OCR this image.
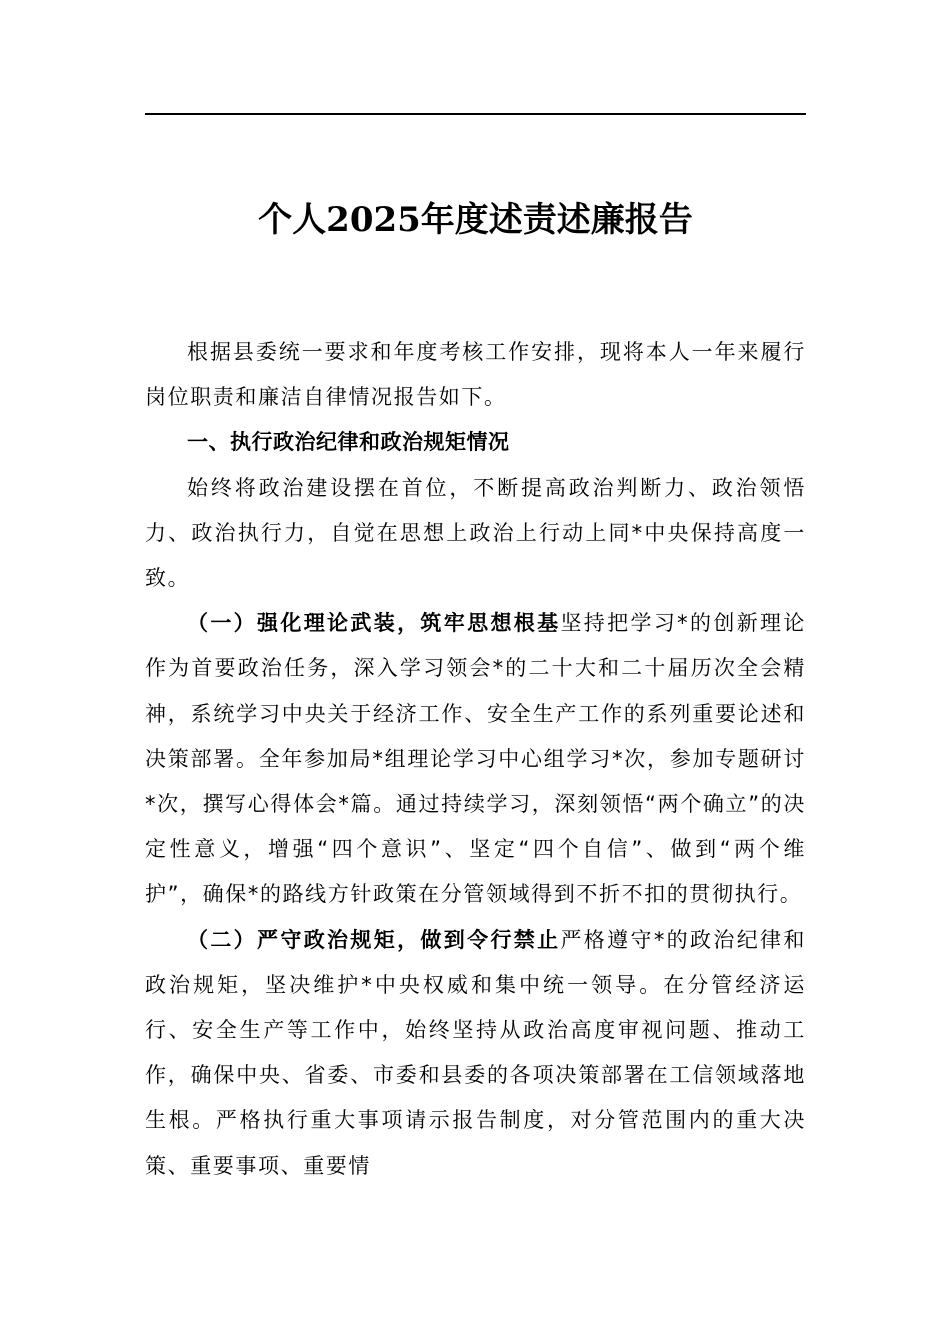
个人2025年度述责述廉报告

根据县委统一要求和年度考核工作安排，现将本人一年来履行岗位职责和廉洁自律情况报告如下。

一、执行政治纪律和政治规矩情况

始终将政治建设摆在首位，不断提高政治判断力、政治领悟力、政治执行力，自觉在思想上政治上行动上同*中央保持高度一致。

（一）强化理论武装，筑牢思想根基坚持把学习*的创新理论作为首要政治任务，深入学习领会*的二十大和二十届历次全会精神，系统学习中央关于经济工作、安全生产工作的系列重要论述和决策部署。全年参加局*组理论学习中心组学习*次，参加专题研讨*次，撰写心得体会*篇。通过持续学习，深刻领悟“两个确立”的决定性意义，增强“四个意识”、坚定“四个自信”、做到“两个维护”，确保*的路线方针政策在分管领域得到不折不扣的贯彻执行。

（二）严守政治规矩，做到令行禁止严格遵守*的政治纪律和政治规矩，坚决维护*中央权威和集中统一领导。在分管经济运行、安全生产等工作中，始终坚持从政治高度审视问题、推动工作，确保中央、省委、市委和县委的各项决策部署在工信领域落地生根。严格执行重大事项请示报告制度，对分管范围内的重大决策、重要事项、重要情
